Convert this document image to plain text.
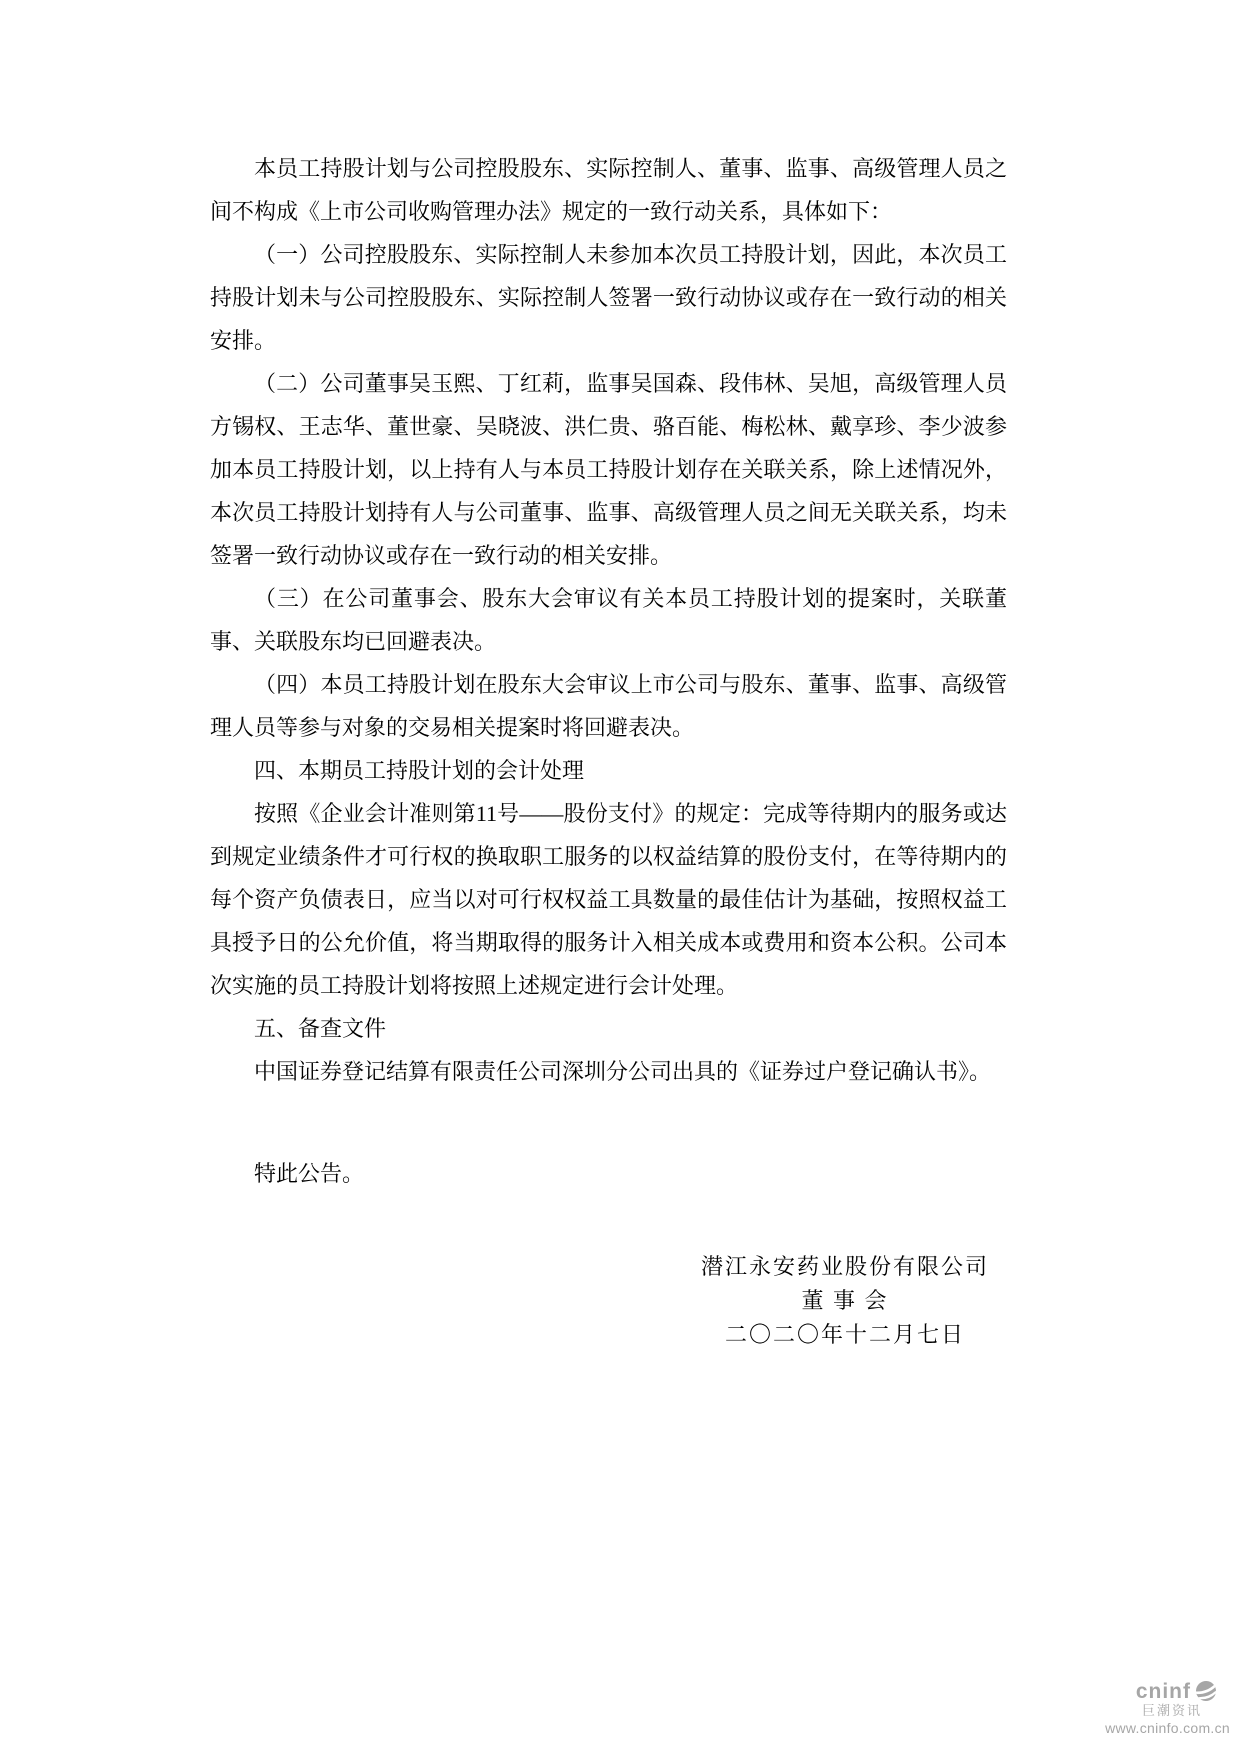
本员工持股计划与公司控股股东、实际控制人、董事、监事、高级管理人员之间不构成《上市公司收购管理办法》规定的一致行动关系，具体如下：

（一）公司控股股东、实际控制人未参加本次员工持股计划，因此，本次员工持股计划未与公司控股股东、实际控制人签署一致行动协议或存在一致行动的相关安排。

（二）公司董事吴玉熙、丁红莉，监事吴国森、段伟林、吴旭，高级管理人员方锡权、王志华、董世豪、吴晓波、洪仁贵、骆百能、梅松林、戴享珍、李少波参加本员工持股计划，以上持有人与本员工持股计划存在关联关系，除上述情况外，本次员工持股计划持有人与公司董事、监事、高级管理人员之间无关联关系，均未签署一致行动协议或存在一致行动的相关安排。

（三）在公司董事会、股东大会审议有关本员工持股计划的提案时，关联董事、关联股东均已回避表决。

（四）本员工持股计划在股东大会审议上市公司与股东、董事、监事、高级管理人员等参与对象的交易相关提案时将回避表决。

四、本期员工持股计划的会计处理

按照《企业会计准则第11号——股份支付》的规定：完成等待期内的服务或达到规定业绩条件才可行权的换取职工服务的以权益结算的股份支付，在等待期内的每个资产负债表日，应当以对可行权权益工具数量的最佳估计为基础，按照权益工具授予日的公允价值，将当期取得的服务计入相关成本或费用和资本公积。公司本次实施的员工持股计划将按照上述规定进行会计处理。

五、备查文件

中国证券登记结算有限责任公司深圳分公司出具的《证券过户登记确认书》。

特此公告。

潜江永安药业股份有限公司
董 事 会
二〇二〇年十二月七日
cninf
巨潮资讯
www.cninfo.com.cn
